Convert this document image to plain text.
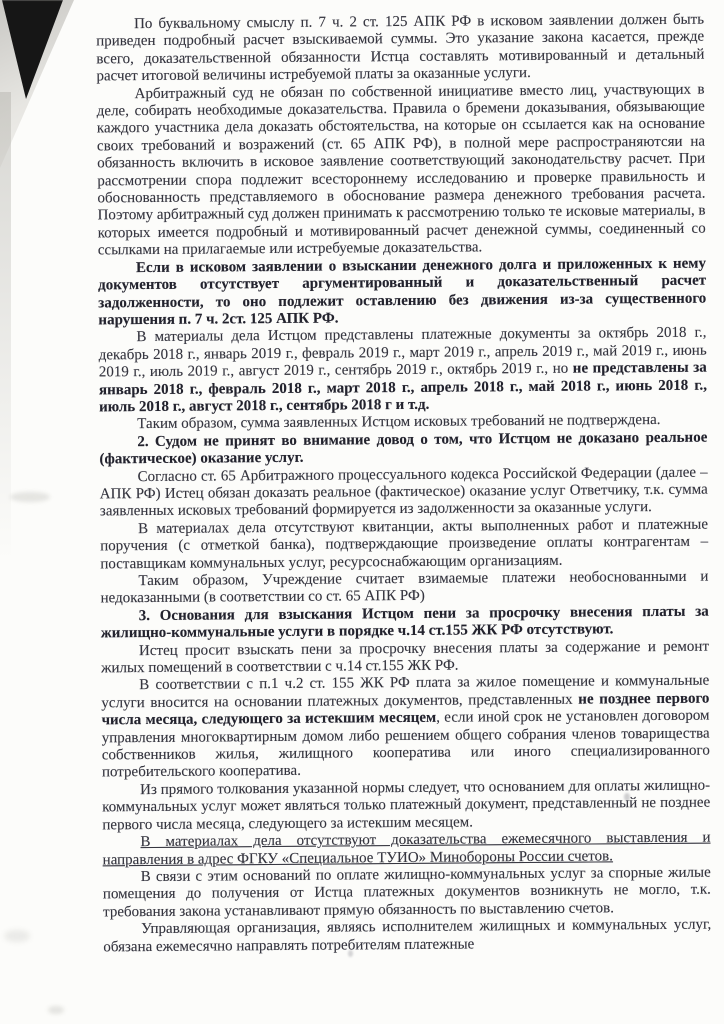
По буквальному смыслу п. 7 ч. 2 ст. 125 АПК РФ в исковом заявлении должен быть приведен подробный расчет взыскиваемой суммы. Это указание закона касается, прежде всего, доказательственной обязанности Истца составлять мотивированный и детальный расчет итоговой величины истребуемой платы за оказанные услуги.

Арбитражный суд не обязан по собственной инициативе вместо лиц, участвующих в деле, собирать необходимые доказательства. Правила о бремени доказывания, обязывающие каждого участника дела доказать обстоятельства, на которые он ссылается как на основание своих требований и возражений (ст. 65 АПК РФ), в полной мере распространяютсяи на обязанность включить в исковое заявление соответствующий законодательству расчет. При рассмотрении спора подлежит всестороннему исследованию и проверке правильность и обоснованность представляемого в обоснование размера денежного требования расчета. Поэтому арбитражный суд должен принимать к рассмотрению только те исковые материалы, в которых имеется подробный и мотивированный расчет денежной суммы, соединенный со ссылками на прилагаемые или истребуемые доказательства.

Если в исковом заявлении о взыскании денежного долга и приложенных к нему документов отсутствует аргументированный и доказательственный расчет задолженности, то оно подлежит оставлению без движения из-за существенного нарушения п. 7 ч. 2ст. 125 АПК РФ.

В материалы дела Истцом представлены платежные документы за октябрь 2018 г., декабрь 2018 г., январь 2019 г., февраль 2019 г., март 2019 г., апрель 2019 г., май 2019 г., июнь 2019 г., июль 2019 г., август 2019 г., сентябрь 2019 г., октябрь 2019 г., но не представлены за январь 2018 г., февраль 2018 г., март 2018 г., апрель 2018 г., май 2018 г., июнь 2018 г., июль 2018 г., август 2018 г., сентябрь 2018 г и т.д.

Таким образом, сумма заявленных Истцом исковых требований не подтверждена.

2. Судом не принят во внимание довод о том, что Истцом не доказано реальное (фактическое) оказание услуг.

Согласно ст. 65 Арбитражного процессуального кодекса Российской Федерации (далее – АПК РФ) Истец обязан доказать реальное (фактическое) оказание услуг Ответчику, т.к. сумма заявленных исковых требований формируется из задолженности за оказанные услуги.

В материалах дела отсутствуют квитанции, акты выполненных работ и платежные поручения (с отметкой банка), подтверждающие произведение оплаты контрагентам – поставщикам коммунальных услуг, ресурсоснабжающим организациям.

Таким образом, Учреждение считает взимаемые платежи необоснованными и недоказанными (в соответствии со ст. 65 АПК РФ)

3. Основания для взыскания Истцом пени за просрочку внесения платы за жилищно-коммунальные услуги в порядке ч.14 ст.155 ЖК РФ отсутствуют.

Истец просит взыскать пени за просрочку внесения платы за содержание и ремонт жилых помещений в соответствии с ч.14 ст.155 ЖК РФ.

В соответствии с п.1 ч.2 ст. 155 ЖК РФ плата за жилое помещение и коммунальные услуги вносится на основании платежных документов, представленных не позднее первого числа месяца, следующего за истекшим месяцем, если иной срок не установлен договором управления многоквартирным домом либо решением общего собрания членов товарищества собственников жилья, жилищного кооператива или иного специализированного потребительского кооператива.

Из прямого толкования указанной нормы следует, что основанием для оплаты жилищно-коммунальных услуг может являться только платежный документ, представленный не позднее первого числа месяца, следующего за истекшим месяцем.

В материалах дела отсутствуют доказательства ежемесячного выставления и направления в адрес ФГКУ «Специальное ТУИО» Минобороны России счетов.

В связи с этим оснований по оплате жилищно-коммунальных услуг за спорные жилые помещения до получения от Истца платежных документов возникнуть не могло, т.к. требования закона устанавливают прямую обязанность по выставлению счетов.

Управляющая организация, являясь исполнителем жилищных и коммунальных услуг, обязана ежемесячно направлять потребителям платежные
